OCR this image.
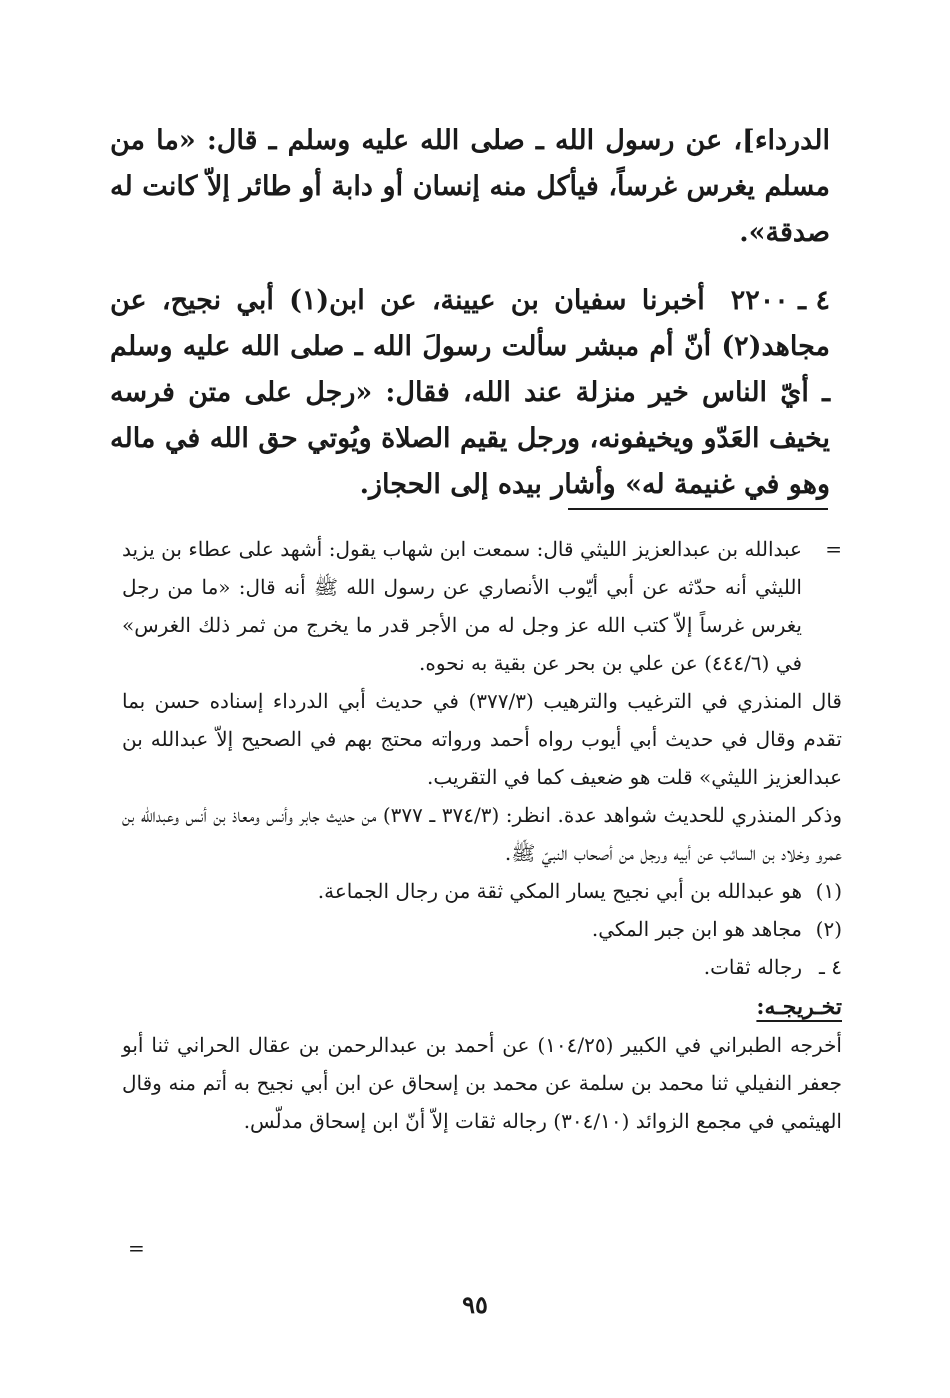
الدرداء]، عن رسول الله ـ صلى الله عليه وسلم ـ قال: «ما من مسلم يغرس غرساً، فيأكل منه إنسان أو دابة أو طائر إلاّ كانت له صدقة».

٤ ـ ٢٢٠٠أخبرنا سفيان بن عيينة، عن ابن(١) أبي نجيح، عن مجاهد(٢) أنّ أم مبشر سألت رسولَ الله ـ صلى الله عليه وسلم ـ أيّ الناس خير منزلة عند الله، فقال: «رجل على متن فرسه يخيف العَدّو ويخيفونه، ورجل يقيم الصلاة ويُوتي حق الله في ماله وهو في غنيمة له» وأشار بيده إلى الحجاز.

=
عبدالله بن عبدالعزيز الليثي قال: سمعت ابن شهاب يقول: أشهد على عطاء بن يزيد الليثي أنه حدّثه عن أبي أيّوب الأنصاري عن رسول الله ﷺ أنه قال: «ما من رجل يغرس غرساً إلاّ كتب الله عز وجل له من الأجر قدر ما يخرج من ثمر ذلك الغرس» في (٤٤٤/٦) عن علي بن بحر عن بقية به نحوه.

قال المنذري في الترغيب والترهيب (٣٧٧/٣) في حديث أبي الدرداء إسناده حسن بما تقدم وقال في حديث أبي أيوب رواه أحمد ورواته محتج بهم في الصحيح إلاّ عبدالله بن عبدالعزيز الليثي» قلت هو ضعيف كما في التقريب.

وذكر المنذري للحديث شواهد عدة. انظر: (٣٧٤/٣ ـ ٣٧٧) من حديث جابر وأنس ومعاذ بن أنس وعبدالله بن عمرو وخلاد بن السائب عن أبيه ورجل من أصحاب النبيّ ﷺ.

(١)
هو عبدالله بن أبي نجيح يسار المكي ثقة من رجال الجماعة.
(٢)
مجاهد هو ابن جبر المكي.
٤ ـ
رجاله ثقات.

تخـريجـه:

أخرجه الطبراني في الكبير (١٠٤/٢٥) عن أحمد بن عبدالرحمن بن عقال الحراني ثنا أبو جعفر النفيلي ثنا محمد بن سلمة عن محمد بن إسحاق عن ابن أبي نجيح به أتم منه وقال الهيثمي في مجمع الزوائد (٣٠٤/١٠) رجاله ثقات إلاّ أنّ ابن إسحاق مدلّس.

=
٩٥
